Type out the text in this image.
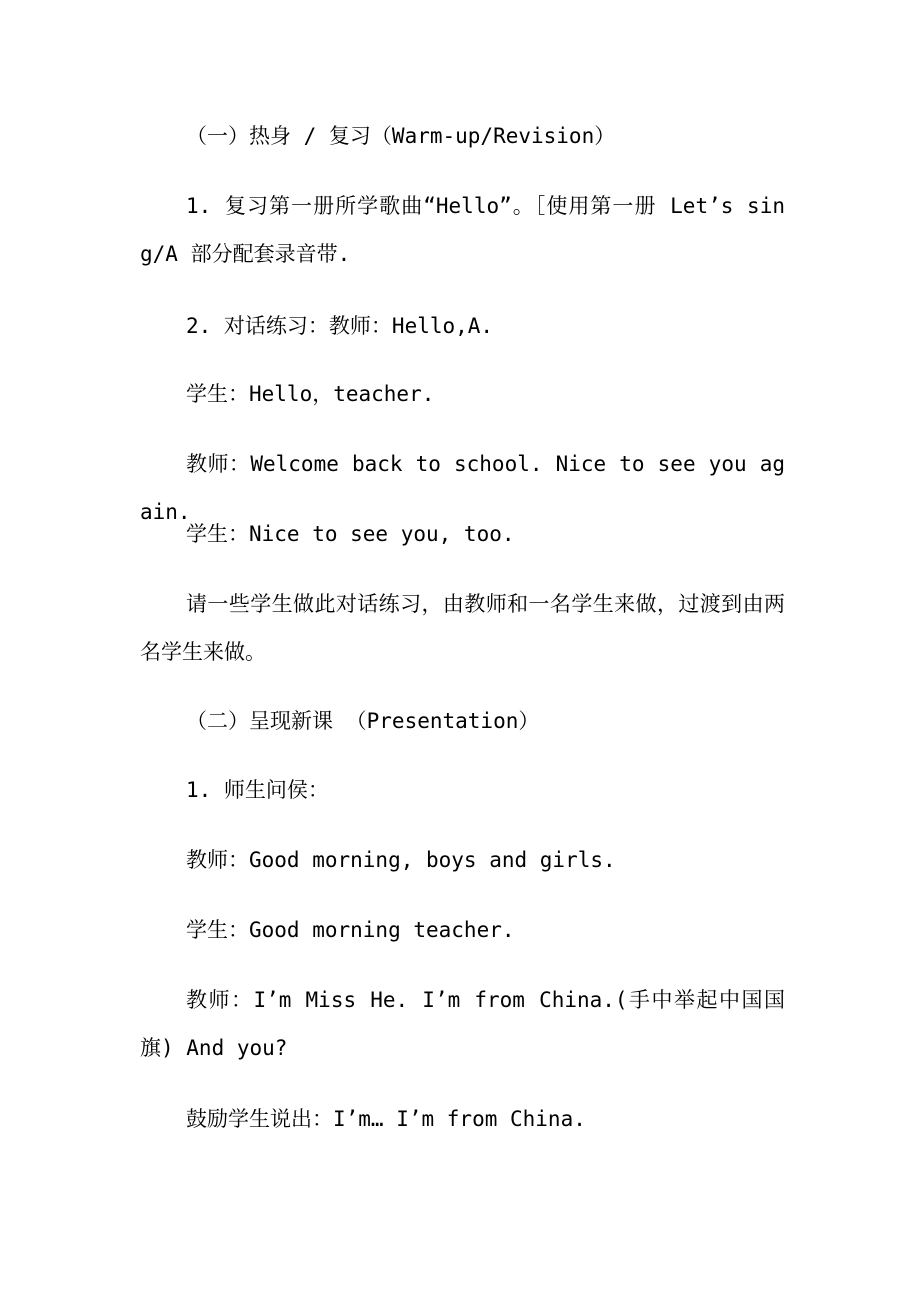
（一）热身 / 复习（Warm-up/Revision）

1. 复习第一册所学歌曲“Hello”。［使用第一册 Let’s sing/A 部分配套录音带.

2. 对话练习：教师：Hello,A.

学生：Hello，teacher.

教师：Welcome back to school. Nice to see you again.

学生：Nice to see you, too.

请一些学生做此对话练习，由教师和一名学生来做，过渡到由两名学生来做。

（二）呈现新课 （Presentation）

1. 师生问侯：

教师：Good morning, boys and girls.

学生：Good morning teacher.

教师：I’m Miss He. I’m from China.(手中举起中国国旗) And you?

鼓励学生说出：I’m… I’m from China.
